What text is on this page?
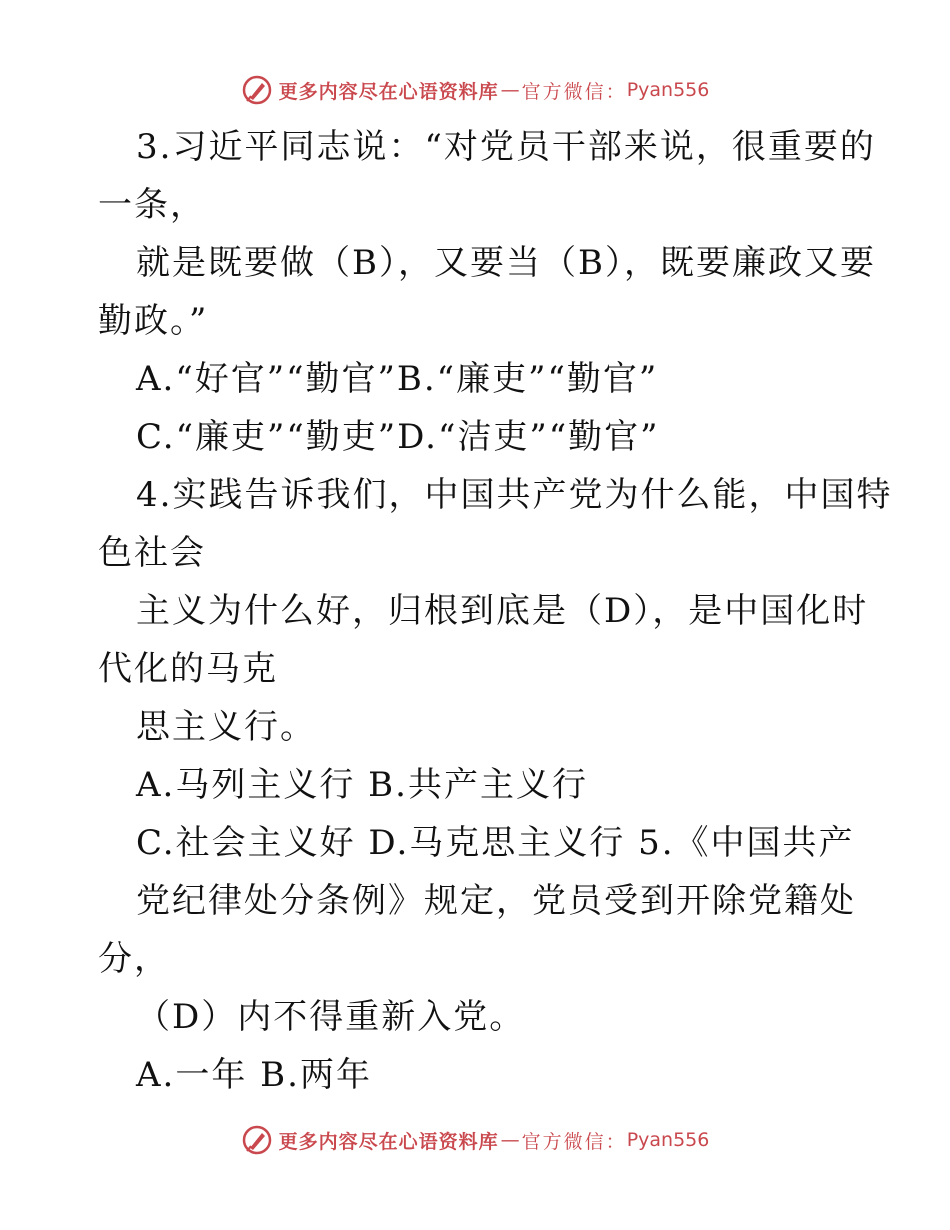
更多内容尽在心语资料库 — 官方微信： Pyan556
3.习近平同志说：“对党员干部来说，很重要的
一条，
就是既要做（B），又要当（B），既要廉政又要
勤政。”
A.“好官”“勤官”B.“廉吏”“勤官”
C.“廉吏”“勤吏”D.“洁吏”“勤官”
4.实践告诉我们，中国共产党为什么能，中国特
色社会
主义为什么好，归根到底是（D），是中国化时
代化的马克
思主义行。
A.马列主义行 B.共产主义行
C.社会主义好 D.马克思主义行 5.《中国共产
党纪律处分条例》规定，党员受到开除党籍处
分，
（D）内不得重新入党。
A.一年 B.两年
更多内容尽在心语资料库 — 官方微信： Pyan556
